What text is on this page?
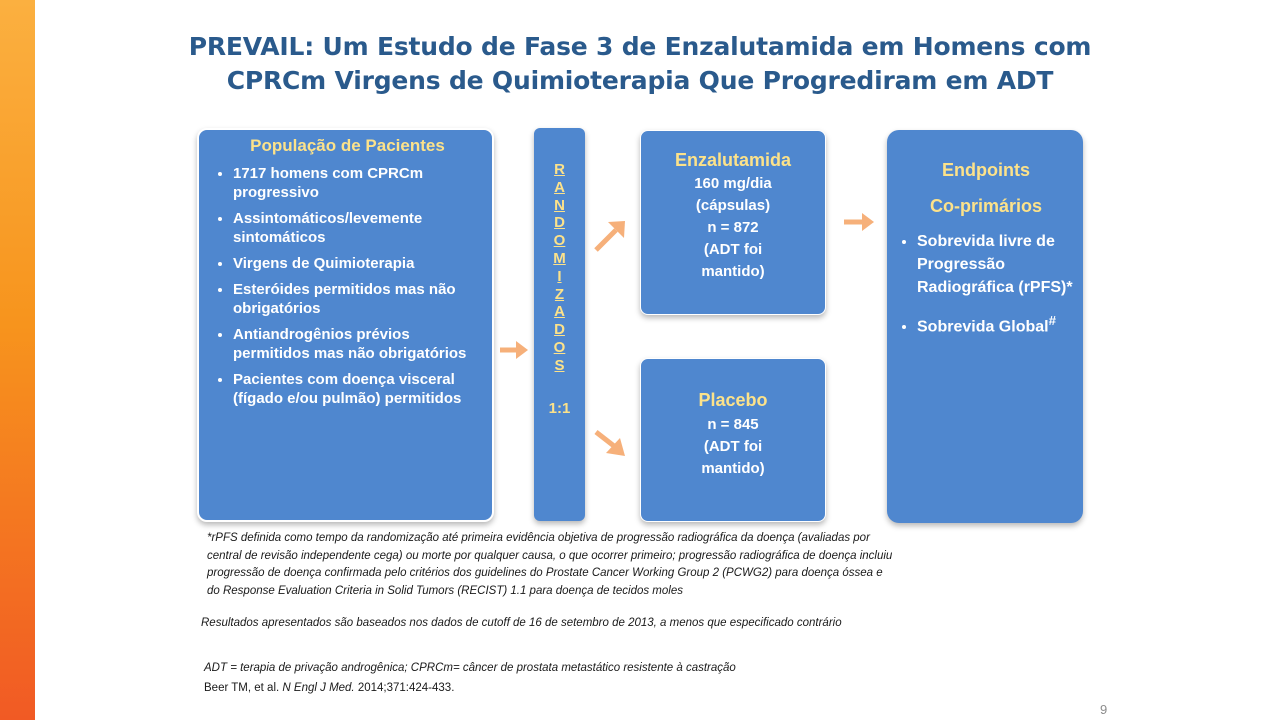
PREVAIL: Um Estudo de Fase 3 de Enzalutamida em Homens com
CPRCm Virgens de Quimioterapia Que Progrediram em ADT
População de Pacientes
• 1717 homens com CPRCm progressivo
• Assintomáticos/levemente sintomáticos
• Virgens de Quimioterapia
• Esteróides permitidos mas não obrigatórios
• Antiandrogênios prévios permitidos mas não obrigatórios
• Pacientes com doença visceral (fígado e/ou pulmão) permitidos
R
A
N
D
O
M
I
Z
A
D
O
S
1:1
Enzalutamida
160 mg/dia
(cápsulas)
n = 872
(ADT foi
mantido)
Placebo
n = 845
(ADT foi
mantido)
Endpoints
Co-primários
• Sobrevida livre de Progressão Radiográfica (rPFS)*
• Sobrevida Global#
*rPFS definida como tempo da randomização até primeira evidência objetiva de progressão radiográfica da doença (avaliadas por
central de revisão independente cega) ou morte por qualquer causa, o que ocorrer primeiro; progressão radiográfica de doença incluiu
progressão de doença confirmada pelo critérios dos guidelines do Prostate Cancer Working Group 2 (PCWG2) para doença óssea e
do Response Evaluation Criteria in Solid Tumors (RECIST) 1.1 para doença de tecidos moles
Resultados apresentados são baseados nos dados de cutoff de 16 de setembro de 2013, a menos que especificado contrário
ADT = terapia de privação androgênica; CPRCm= câncer de prostata metastático resistente à castração
Beer TM, et al. N Engl J Med. 2014;371:424-433.
9
